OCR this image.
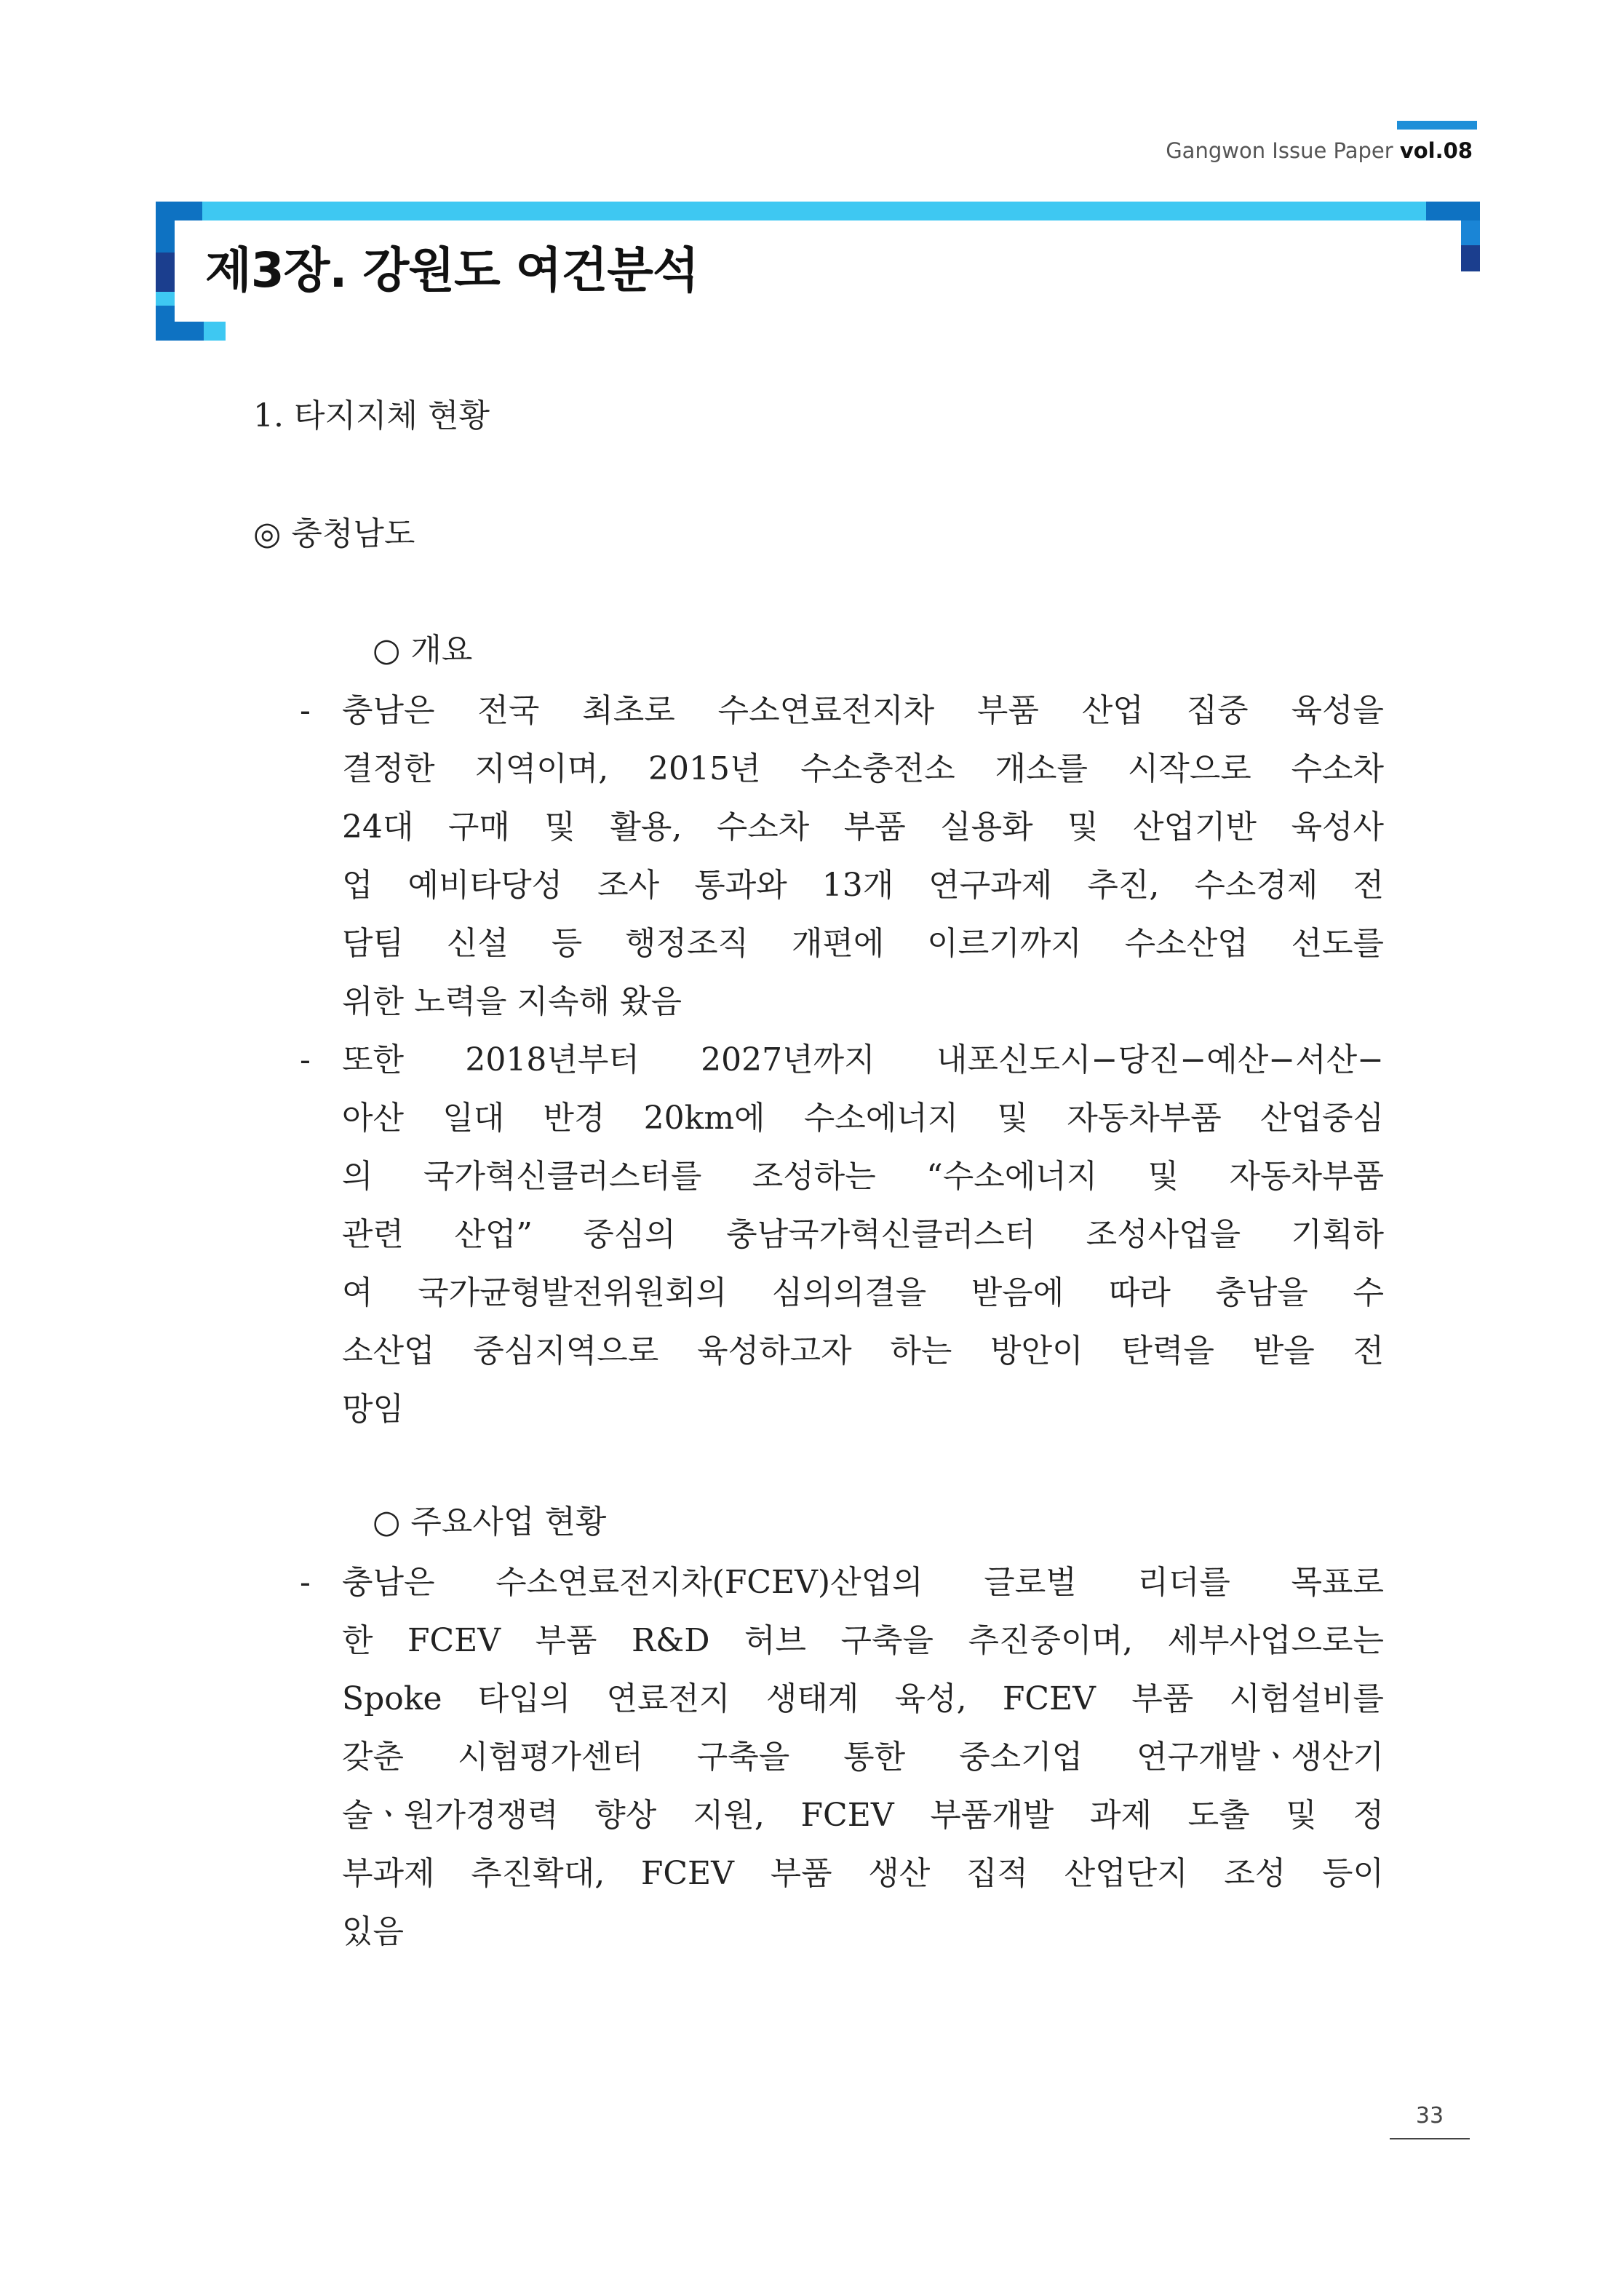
Gangwon Issue Paper vol.08
제3장. 강원도 여건분석
1. 타지지체 현황
◎ 충청남도
○ 개요
- 충남은 전국 최초로 수소연료전지차 부품 산업 집중 육성을
결정한 지역이며, 2015년 수소충전소 개소를 시작으로 수소차
24대 구매 및 활용, 수소차 부품 실용화 및 산업기반 육성사
업 예비타당성 조사 통과와 13개 연구과제 추진, 수소경제 전
담팀 신설 등 행정조직 개편에 이르기까지 수소산업 선도를
위한 노력을 지속해 왔음
- 또한 2018년부터 2027년까지 내포신도시−당진−예산−서산−
아산 일대 반경 20km에 수소에너지 및 자동차부품 산업중심
의 국가혁신클러스터를 조성하는 “수소에너지 및 자동차부품
관련 산업” 중심의 충남국가혁신클러스터 조성사업을 기획하
여 국가균형발전위원회의 심의의결을 받음에 따라 충남을 수
소산업 중심지역으로 육성하고자 하는 방안이 탄력을 받을 전
망임
○ 주요사업 현황
- 충남은 수소연료전지차(FCEV)산업의 글로벌 리더를 목표로
한 FCEV 부품 R&D 허브 구축을 추진중이며, 세부사업으로는
Spoke 타입의 연료전지 생태계 육성, FCEV 부품 시험설비를
갖춘 시험평가센터 구축을 통한 중소기업 연구개발ㆍ생산기
술ㆍ원가경쟁력 향상 지원, FCEV 부품개발 과제 도출 및 정
부과제 추진확대, FCEV 부품 생산 집적 산업단지 조성 등이
있음
33
